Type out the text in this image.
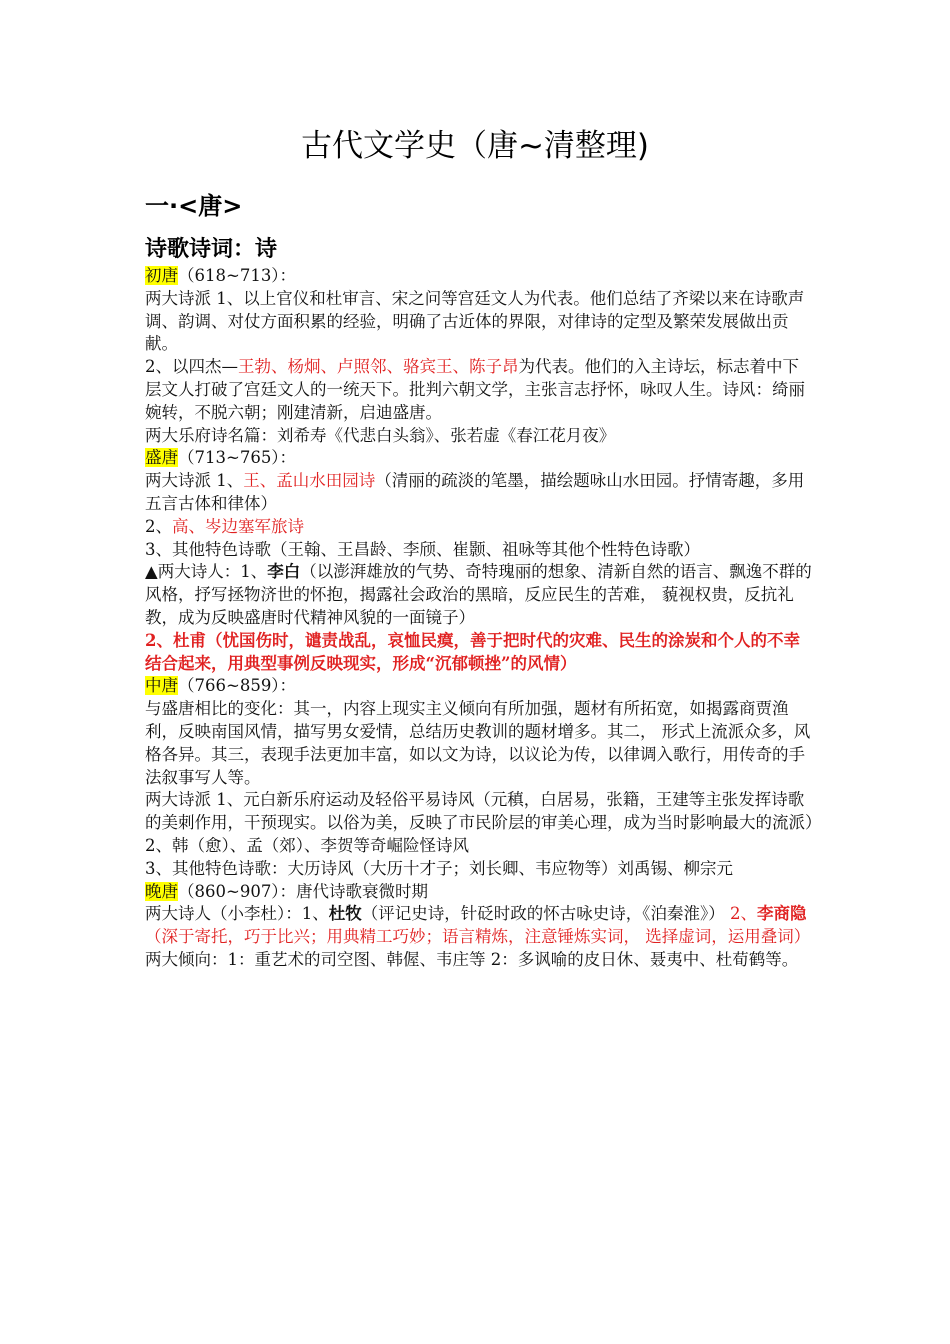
古代文学史（唐~清整理)
一·<唐>
诗歌诗词：诗

初唐（618~713）：

两大诗派 1、以上官仪和杜审言、宋之问等宫廷文人为代表。他们总结了齐梁以来在诗歌声调、韵调、对仗方面积累的经验，明确了古近体的界限，对律诗的定型及繁荣发展做出贡献。

2、以四杰—王勃、杨炯、卢照邻、骆宾王、陈子昂为代表。他们的入主诗坛，标志着中下层文人打破了宫廷文人的一统天下。批判六朝文学，主张言志抒怀，咏叹人生。诗风：绮丽婉转，不脱六朝；刚建清新，启迪盛唐。

两大乐府诗名篇：刘希寿《代悲白头翁》、张若虚《春江花月夜》

盛唐（713~765）：

两大诗派 1、王、孟山水田园诗（清丽的疏淡的笔墨，描绘题咏山水田园。抒情寄趣，多用五言古体和律体）

2、高、岑边塞军旅诗

3、其他特色诗歌（王翰、王昌龄、李颀、崔颢、祖咏等其他个性特色诗歌）

▲两大诗人：1、李白（以澎湃雄放的气势、奇特瑰丽的想象、清新自然的语言、飘逸不群的风格，抒写拯物济世的怀抱，揭露社会政治的黑暗，反应民生的苦难， 藐视权贵，反抗礼教，成为反映盛唐时代精神风貌的一面镜子）

2、杜甫（忧国伤时，谴责战乱，哀恤民瘼，善于把时代的灾难、民生的涂炭和个人的不幸结合起来，用典型事例反映现实，形成“沉郁顿挫”的风情）

中唐（766~859）：

与盛唐相比的变化：其一，内容上现实主义倾向有所加强，题材有所拓宽，如揭露商贾渔利，反映南国风情，描写男女爱情，总结历史教训的题材增多。其二， 形式上流派众多，风格各异。其三，表现手法更加丰富，如以文为诗，以议论为传，以律调入歌行，用传奇的手法叙事写人等。

两大诗派 1、元白新乐府运动及轻俗平易诗风（元稹，白居易，张籍，王建等主张发挥诗歌的美刺作用，干预现实。以俗为美，反映了市民阶层的审美心理，成为当时影响最大的流派）

2、韩（愈）、孟（郊）、李贺等奇崛险怪诗风

3、其他特色诗歌：大历诗风（大历十才子；刘长卿、韦应物等）刘禹锡、柳宗元

晚唐（860~907）：唐代诗歌衰微时期

两大诗人（小李杜）：1、杜牧（评记史诗，针砭时政的怀古咏史诗，《泊秦淮》） 2、李商隐（深于寄托，巧于比兴；用典精工巧妙；语言精炼，注意锤炼实词， 选择虚词，运用叠词）

两大倾向：1：重艺术的司空图、韩偓、韦庄等 2：多讽喻的皮日休、聂夷中、杜荀鹤等。
